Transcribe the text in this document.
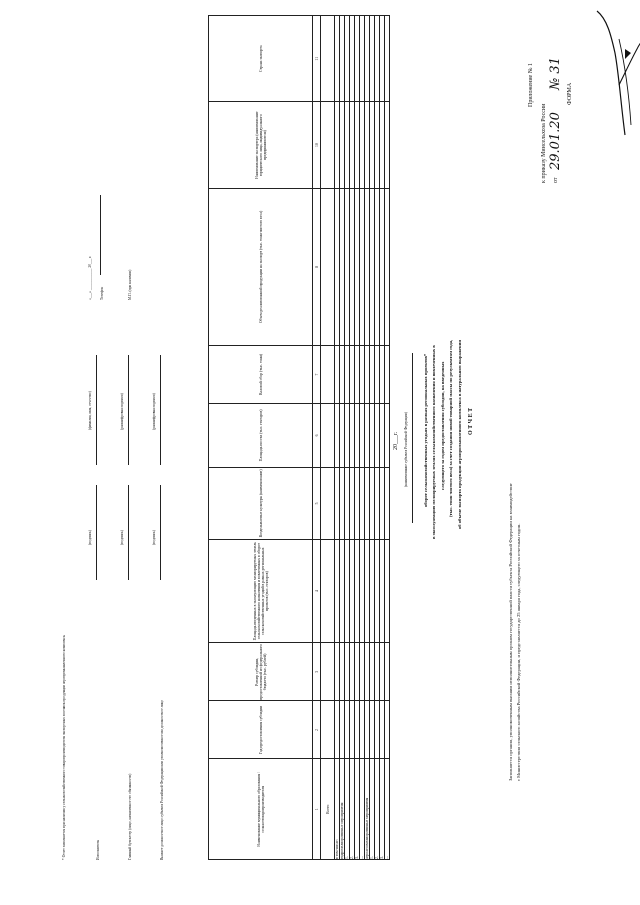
Приложение № 1
к приказу Минсельхоза России от
29.01.20
№ 31
ФОРМА
Заполняется органом, уполномоченным высшим исполнительным органом государственной власти субъекта Российской Федерации на взаимодействие с Министерством сельского хозяйства Российской Федерации, и представляется до 25 января года, следующего за отчетным годом.
О Т Ч Е Т
об объеме экспорта продукции агропромышленного комплекса в натуральном выражении
(тыс. тонн чистого веса) за счет создания новой товарной массы по результатам года,
следующего за годом предоставления субсидии, на введенных
в эксплуатацию мелиорируемых землях сельскохозяйственного назначения и вовлеченных в
оборот сельскохозяйственных угодьях в рамках региональных проектов*
(наименование субъекта Российской Федерации)
20___г.
Наименование муниципального образования / сельхозтоваропроизводителя	Год предоставления субсидии	Размер субсидии, предоставленной из федерального бюджета (тыс. рублей)	Площадь введенных в эксплуатацию мелиорируемых земель сельскохозяйственного назначения и вовлеченных в оборот сельскохозяйственных угодий в рамках региональных проектов (тыс. гектаров)	Возделываемые культуры (наименование)	Площадь посева (тыс. гектаров)	Валовой сбор (тыс. тонн)	Объем реализованной продукции на экспорт (тыс. тонн чистого веса)	Наименование экспортера (наименование юридического лица, индивидуального предпринимателя)	Страна экспорта
1	2	3	4	5	6	7	8	10	11
Всего									
в том числе:									
гидромелиоративные мероприятия									
1.									
2.									
3.									
...									
агролесомелиоративные мероприятия									
1.									
2.									
3.									
...									
Высшее должностное лицо субъекта Российской Федерации или уполномоченное им должностное лицо
(подпись)
(расшифровка подписи)
Главный бухгалтер (лицо, назначенное его обязанности)
(подпись)
(расшифровка подписи)
Исполнитель
(подпись)
(фамилия, имя, отчество)
М.П. (при наличии)
Телефон
«___» ____________ 20___ г.
* Отчет заполняется при наличии у сельскохозяйственного товаропроизводителя экспортных поставок продукции агропромышленного комплекса.
